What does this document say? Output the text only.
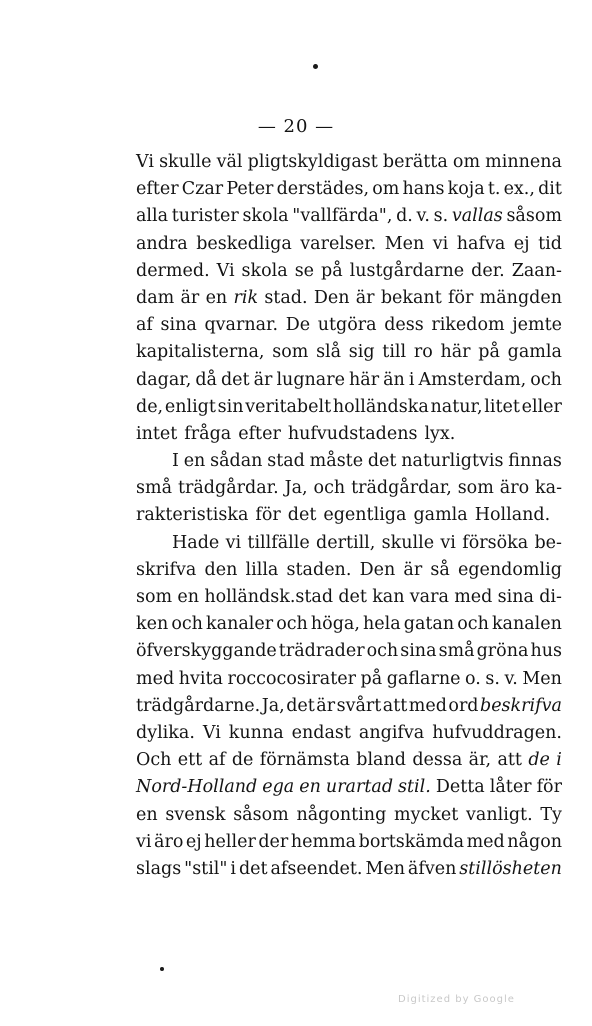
— 20 —
Vi skulle väl pligtskyldigast berätta om minnena
efter Czar Peter derstädes, om hans koja t. ex., dit
alla turister skola "vallfärda", d. v. s. vallas såsom
andra beskedliga varelser. Men vi hafva ej tid
dermed. Vi skola se på lustgårdarne der. Zaan-
dam är en rik stad. Den är bekant för mängden
af sina qvarnar. De utgöra dess rikedom jemte
kapitalisterna, som slå sig till ro här på gamla
dagar, då det är lugnare här än i Amsterdam, och
de, enligt sin veritabelt holländska natur, litet eller
intet fråga efter hufvudstadens lyx.
I en sådan stad måste det naturligtvis finnas
små trädgårdar. Ja, och trädgårdar, som äro ka-
rakteristiska för det egentliga gamla Holland.
Hade vi tillfälle dertill, skulle vi försöka be-
skrifva den lilla staden. Den är så egendomlig
som en holländsk.stad det kan vara med sina di-
ken och kanaler och höga, hela gatan och kanalen
öfverskyggande trädrader och sina små gröna hus
med hvita roccocosirater på gaflarne o. s. v. Men
trädgårdarne. Ja, det är svårt att med ord beskrifva
dylika. Vi kunna endast angifva hufvuddragen.
Och ett af de förnämsta bland dessa är, att de i
Nord-Holland ega en urartad stil. Detta låter för
en svensk såsom någonting mycket vanligt. Ty
vi äro ej heller der hemma bortskämda med någon
slags "stil" i det afseendet. Men äfven stillösheten
Digitized by Google
